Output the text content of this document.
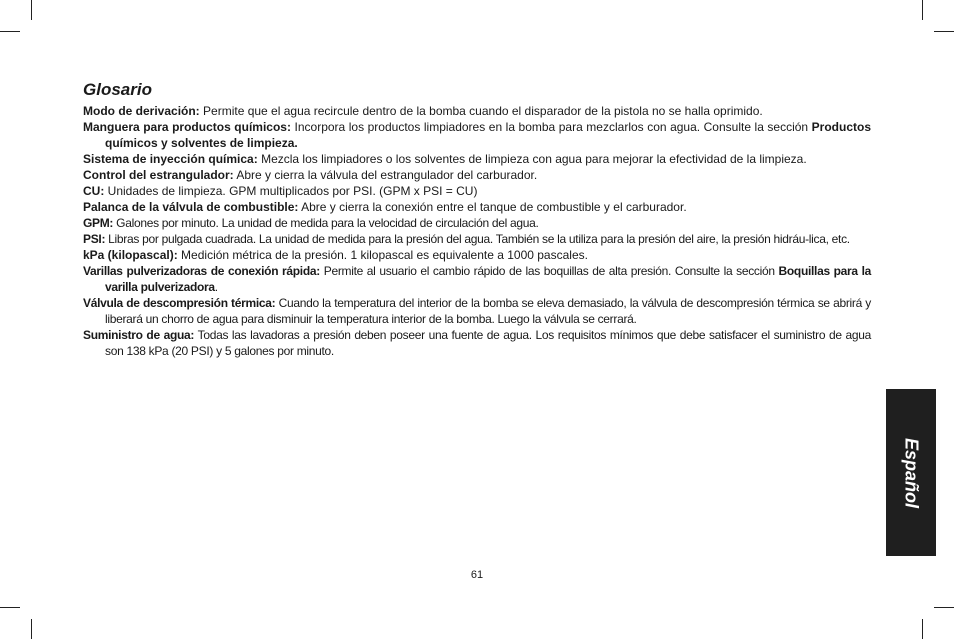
Glosario

Modo de derivación: Permite que el agua recircule dentro de la bomba cuando el disparador de la pistola no se halla oprimido.

Manguera para productos químicos: Incorpora los productos limpiadores en la bomba para mezclarlos con agua. Consulte la sección Productos químicos y solventes de limpieza.

Sistema de inyección química: Mezcla los limpiadores o los solventes de limpieza con agua para mejorar la efectividad de la limpieza.

Control del estrangulador: Abre y cierra la válvula del estrangulador del carburador.

CU: Unidades de limpieza. GPM multiplicados por PSI. (GPM x PSI = CU)

Palanca de la válvula de combustible: Abre y cierra la conexión entre el tanque de combustible y el carburador.

GPM: Galones por minuto. La unidad de medida para la velocidad de circulación del agua.

PSI: Libras por pulgada cuadrada. La unidad de medida para la presión del agua. También se la utiliza para la presión del aire, la presión hidráu-lica, etc.

kPa (kilopascal): Medición métrica de la presión. 1 kilopascal es equivalente a 1000 pascales.

Varillas pulverizadoras de conexión rápida: Permite al usuario el cambio rápido de las boquillas de alta presión. Consulte la sección Boquillas para la varilla pulverizadora.

Válvula de descompresión térmica: Cuando la temperatura del interior de la bomba se eleva demasiado, la válvula de descompresión térmica se abrirá y liberará un chorro de agua para disminuir la temperatura interior de la bomba. Luego la válvula se cerrará.

Suministro de agua: Todas las lavadoras a presión deben poseer una fuente de agua. Los requisitos mínimos que debe satisfacer el suministro de agua son 138 kPa (20 PSI) y 5 galones por minuto.

Español
61
